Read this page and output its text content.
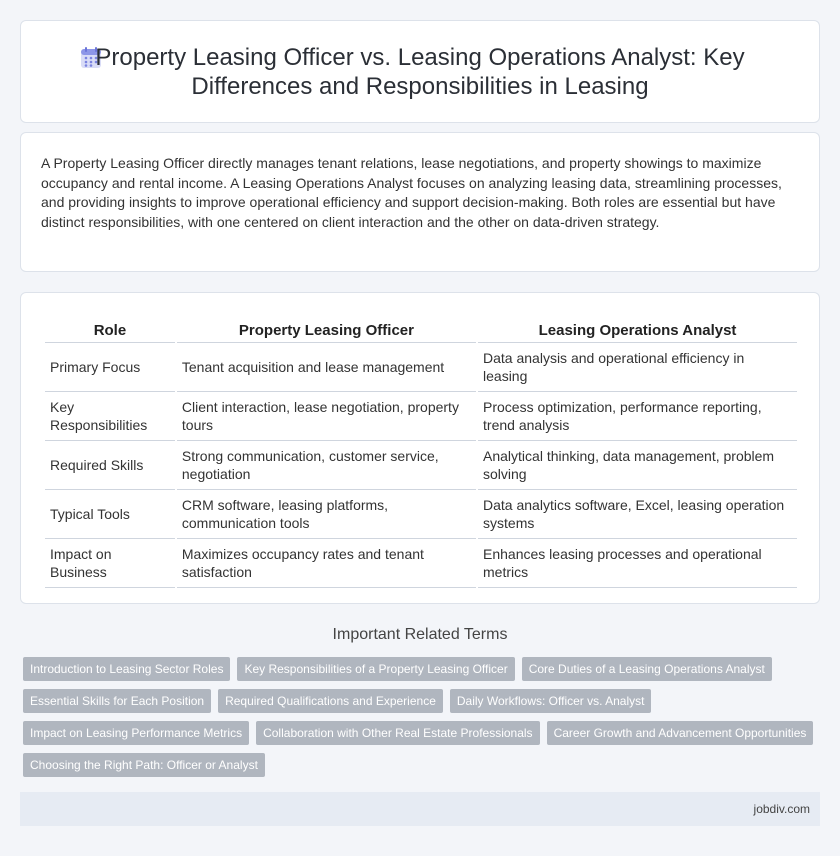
Property Leasing Officer vs. Leasing Operations Analyst: Key Differences and Responsibilities in Leasing

A Property Leasing Officer directly manages tenant relations, lease negotiations, and property showings to maximize occupancy and rental income. A Leasing Operations Analyst focuses on analyzing leasing data, streamlining processes, and providing insights to improve operational efficiency and support decision-making. Both roles are essential but have distinct responsibilities, with one centered on client interaction and the other on data-driven strategy.

Role	Property Leasing Officer	Leasing Operations Analyst
Primary Focus	Tenant acquisition and lease management	Data analysis and operational efficiency in leasing
Key Responsibilities	Client interaction, lease negotiation, property tours	Process optimization, performance reporting, trend analysis
Required Skills	Strong communication, customer service, negotiation	Analytical thinking, data management, problem solving
Typical Tools	CRM software, leasing platforms, communication tools	Data analytics software, Excel, leasing operation systems
Impact on Business	Maximizes occupancy rates and tenant satisfaction	Enhances leasing processes and operational metrics
Important Related Terms
Introduction to Leasing Sector Roles	Key Responsibilities of a Property Leasing Officer	Core Duties of a Leasing Operations Analyst
Essential Skills for Each Position	Required Qualifications and Experience	Daily Workflows: Officer vs. Analyst
Impact on Leasing Performance Metrics	Collaboration with Other Real Estate Professionals	Career Growth and Advancement Opportunities
Choosing the Right Path: Officer or Analyst
jobdiv.com
